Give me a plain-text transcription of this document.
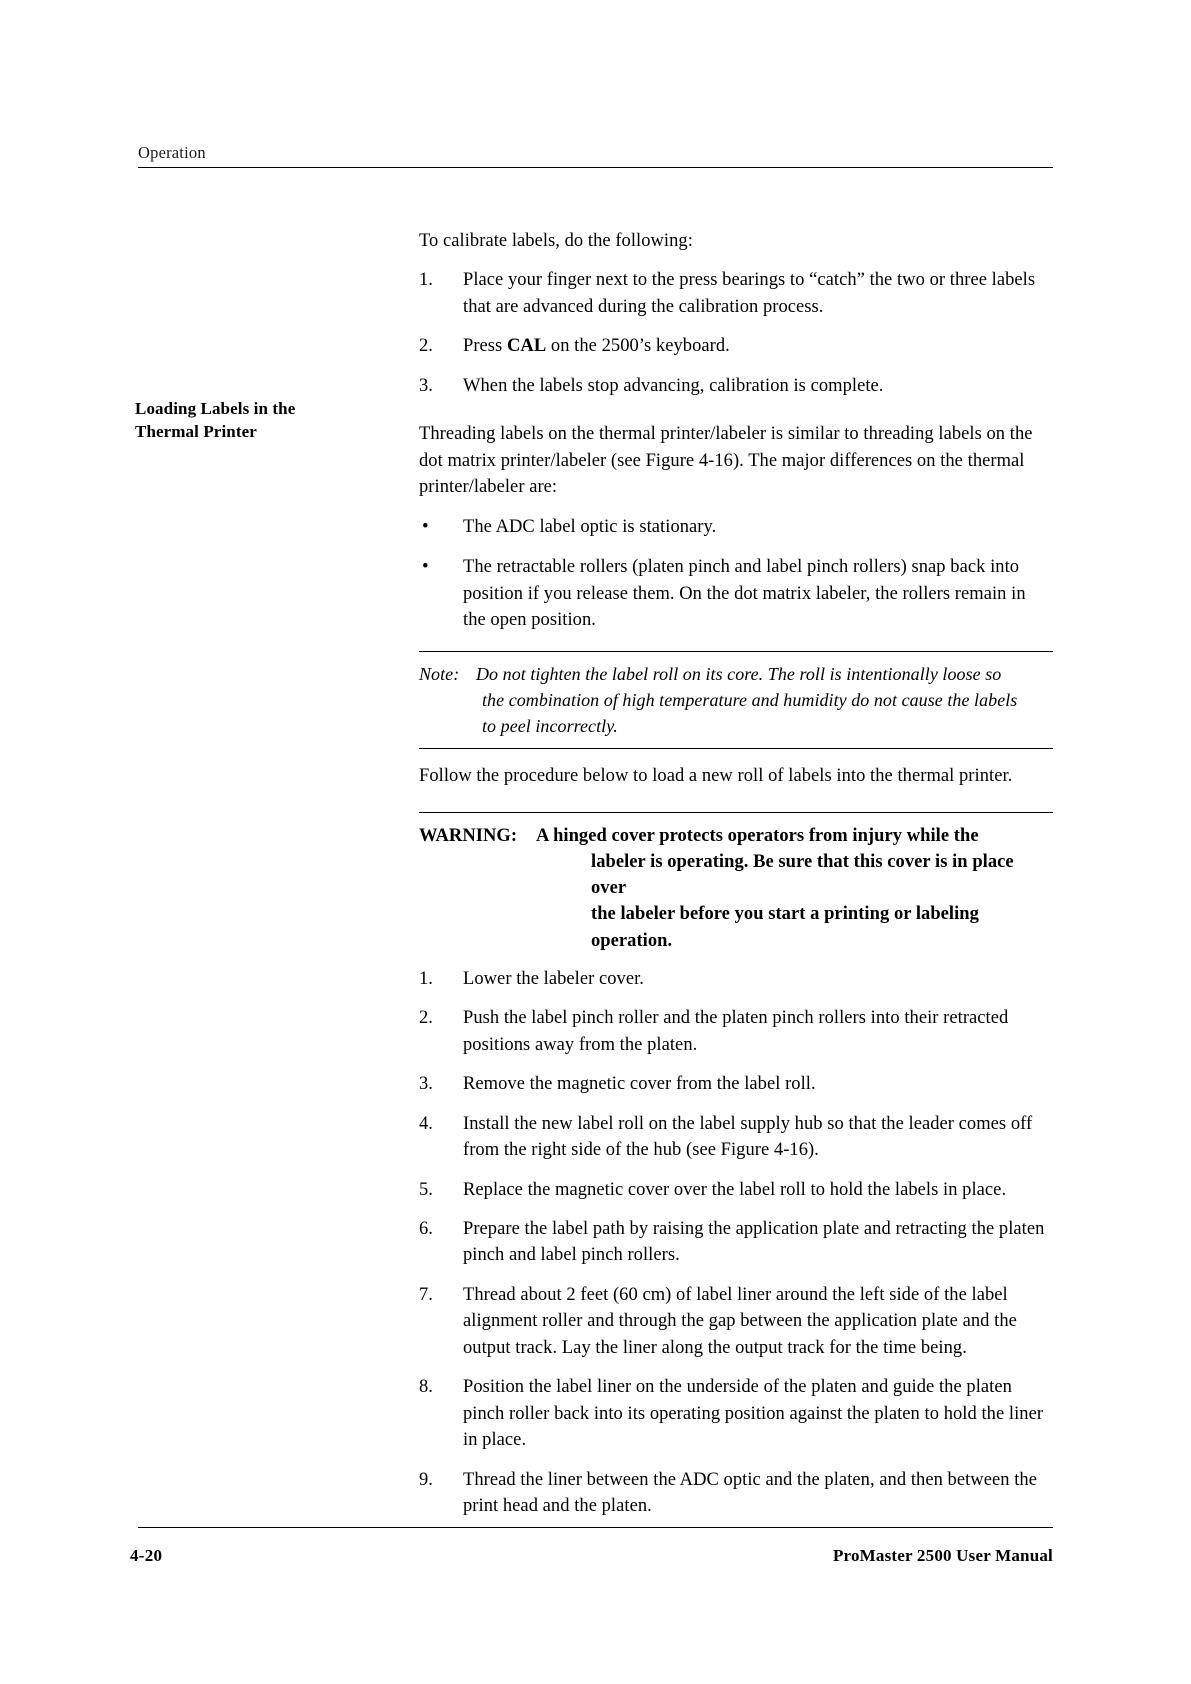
Operation
Loading Labels in the
Thermal Printer

To calibrate labels, do the following:

1.	Place your finger next to the press bearings to “catch” the two or three labels that are advanced during the calibration process.
2.	Press CAL on the 2500’s keyboard.
3.	When the labels stop advancing, calibration is complete.

Threading labels on the thermal printer/labeler is similar to threading labels on the dot matrix printer/labeler (see Figure 4-16). The major differences on the thermal printer/labeler are:

• The ADC label optic is stationary.
• The retractable rollers (platen pinch and label pinch rollers) snap back into position if you release them. On the dot matrix labeler, the rollers remain in the open position.
Note: Do not tighten the label roll on its core. The roll is intentionally loose so
the combination of high temperature and humidity do not cause the labels
to peel incorrectly.

Follow the procedure below to load a new roll of labels into the thermal printer.

WARNING:	A hinged cover protects operators from injury while the
labeler is operating. Be sure that this cover is in place over
the labeler before you start a printing or labeling
operation.
1.	Lower the labeler cover.
2.	Push the label pinch roller and the platen pinch rollers into their retracted positions away from the platen.
3.	Remove the magnetic cover from the label roll.
4.	Install the new label roll on the label supply hub so that the leader comes off from the right side of the hub (see Figure 4-16).
5.	Replace the magnetic cover over the label roll to hold the labels in place.
6.	Prepare the label path by raising the application plate and retracting the platen pinch and label pinch rollers.
7.	Thread about 2 feet (60 cm) of label liner around the left side of the label alignment roller and through the gap between the application plate and the output track. Lay the liner along the output track for the time being.
8.	Position the label liner on the underside of the platen and guide the platen pinch roller back into its operating position against the platen to hold the liner in place.
9.	Thread the liner between the ADC optic and the platen, and then between the print head and the platen.
4-20	ProMaster 2500 User Manual
